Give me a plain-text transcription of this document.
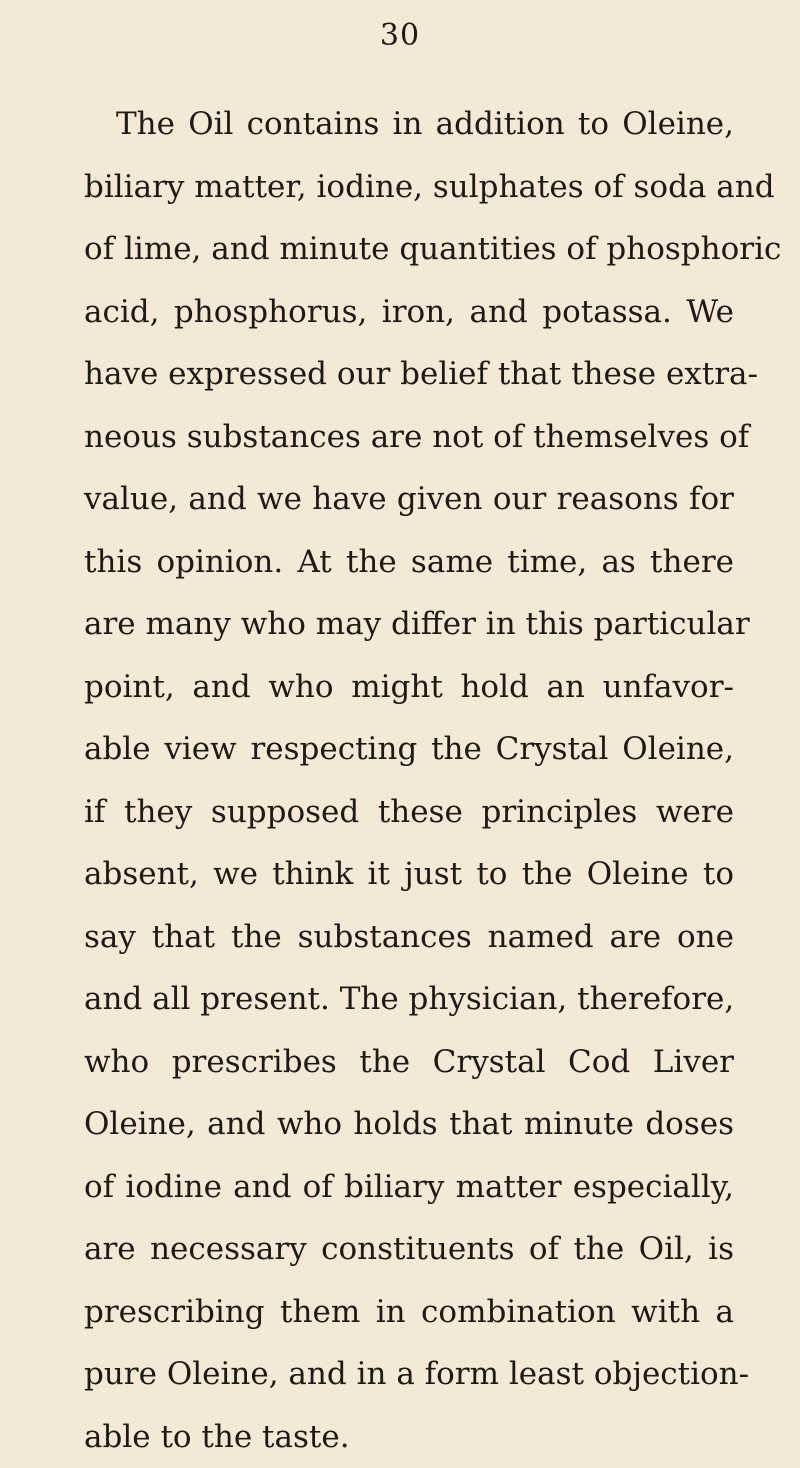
30
The Oil contains in addition to Oleine,
biliary matter, iodine, sulphates of soda and
of lime, and minute quantities of phosphoric
acid, phosphorus, iron, and potassa. We
have expressed our belief that these extra-
neous substances are not of themselves of
value, and we have given our reasons for
this opinion. At the same time, as there
are many who may differ in this particular
point, and who might hold an unfavor-
able view respecting the Crystal Oleine,
if they supposed these principles were
absent, we think it just to the Oleine to
say that the substances named are one
and all present. The physician, therefore,
who prescribes the Crystal Cod Liver
Oleine, and who holds that minute doses
of iodine and of biliary matter especially,
are necessary constituents of the Oil, is
prescribing them in combination with a
pure Oleine, and in a form least objection-
able to the taste.
